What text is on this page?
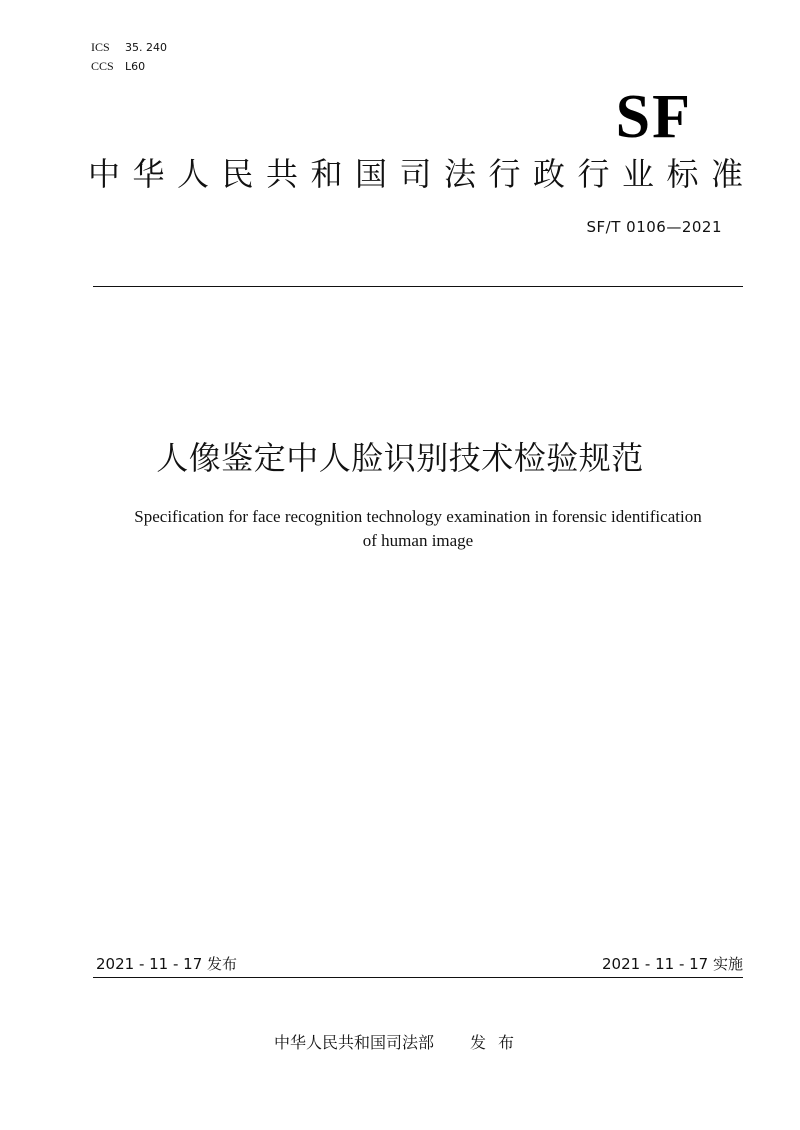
ICS 35. 240
CCS L60
SF
中华人民共和国司法行政行业标准
SF/T 0106—2021
人像鉴定中人脸识别技术检验规范
Specification for face recognition technology examination in forensic identification
of human image
2021 - 11 - 17 发布	2021 - 11 - 17 实施
中华人民共和国司法部 发布
